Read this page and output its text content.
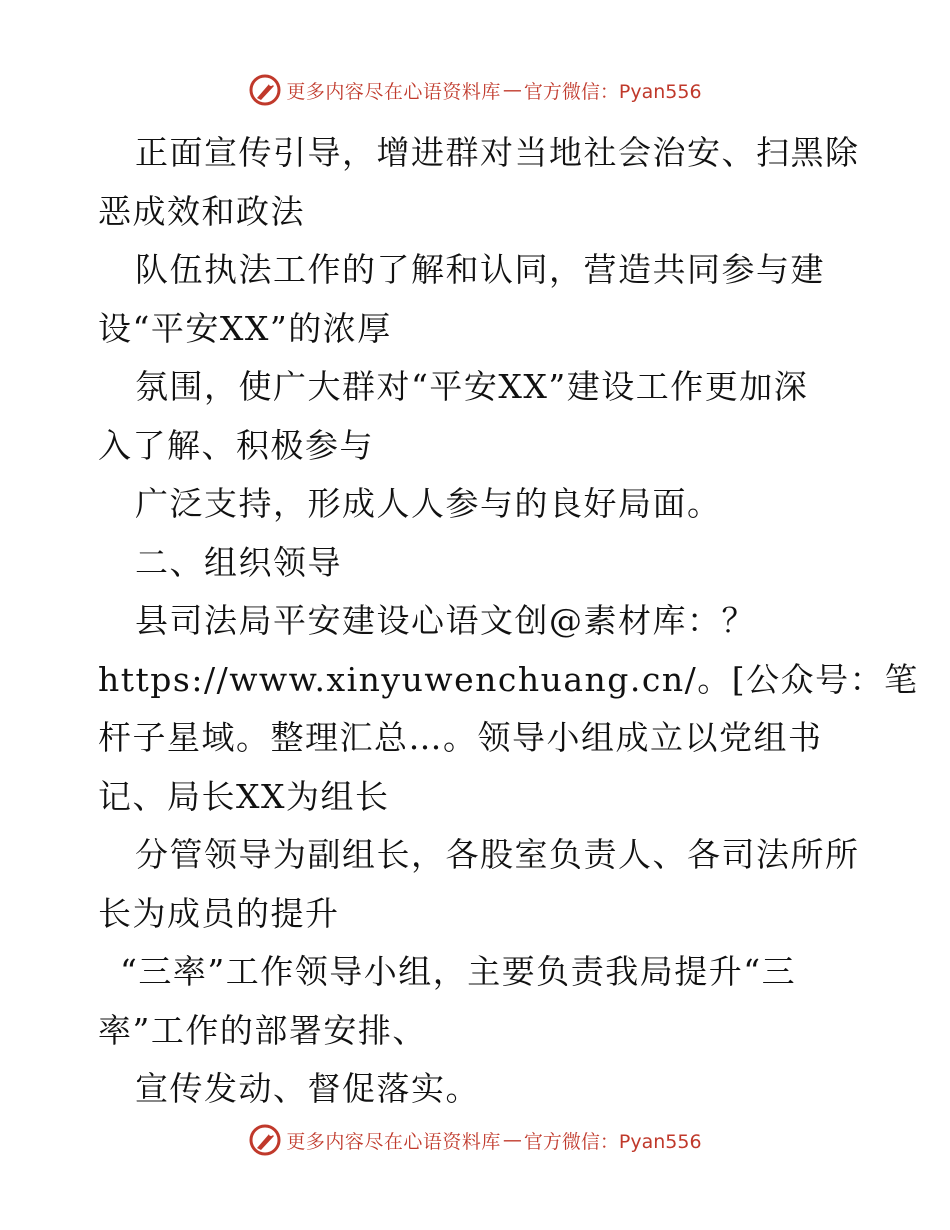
更多内容尽在心语资料库 — 官方微信：Pyan556
正面宣传引导，增进群对当地社会治安、扫黑除
恶成效和政法
队伍执法工作的了解和认同，营造共同参与建
设“平安XX”的浓厚
氛围，使广大群对“平安XX”建设工作更加深
入了解、积极参与
广泛支持，形成人人参与的良好局面。
二、组织领导
县司法局平安建设心语文创@素材库：？
https://www.xinyuwenchuang.cn/。[公众号：笔
杆子星域。整理汇总…。领导小组成立以党组书
记、局长XX为组长
分管领导为副组长，各股室负责人、各司法所所
长为成员的提升
“三率”工作领导小组，主要负责我局提升“三
率”工作的部署安排、
宣传发动、督促落实。
更多内容尽在心语资料库 — 官方微信：Pyan556
